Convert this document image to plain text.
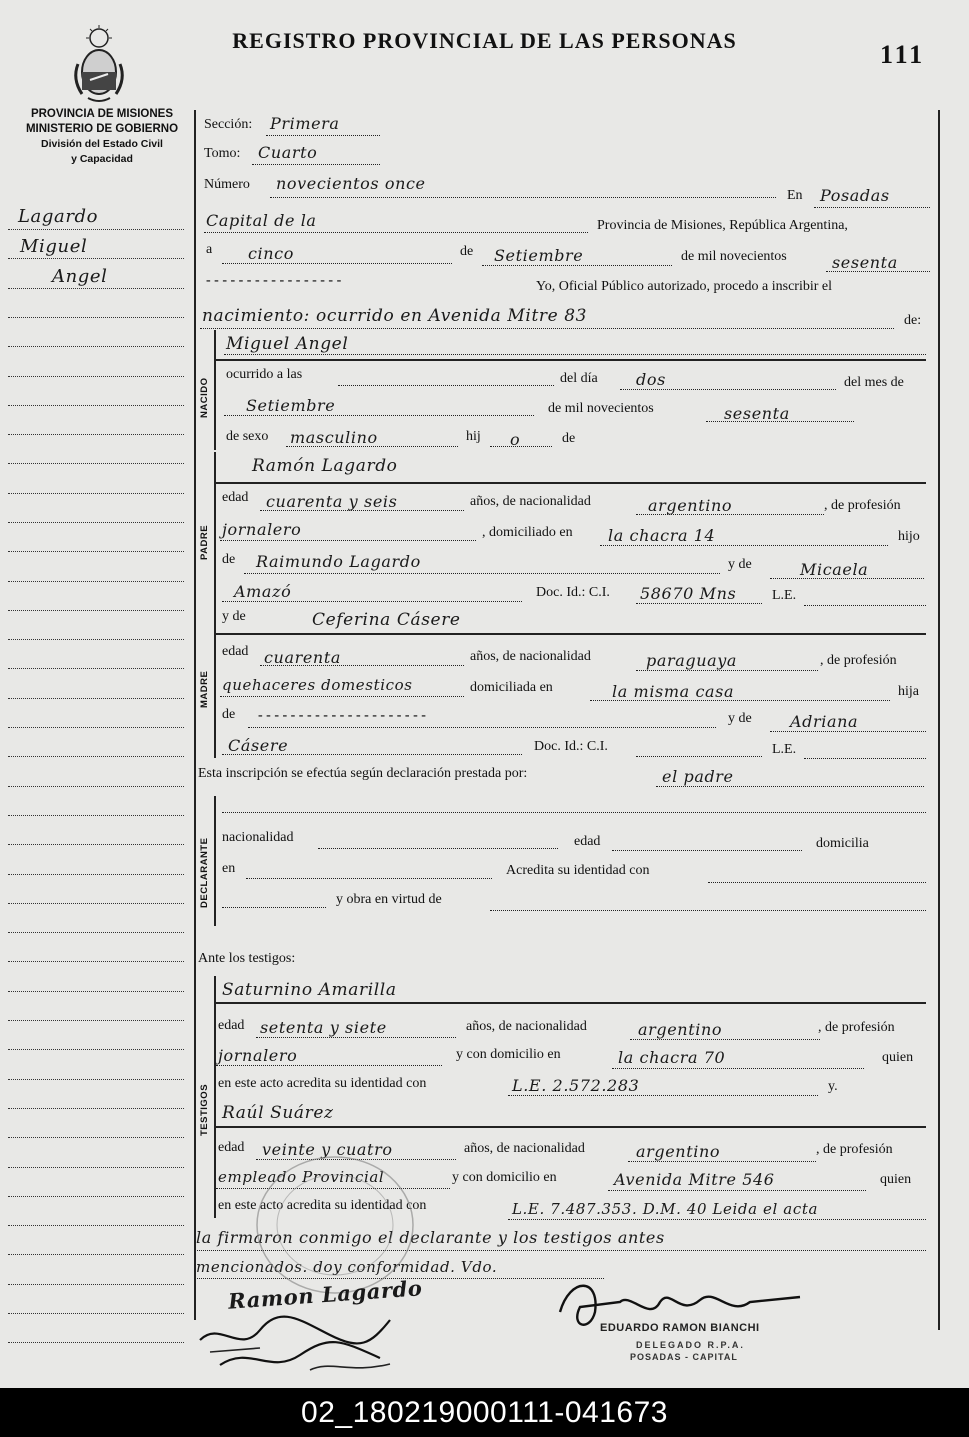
REGISTRO PROVINCIAL DE LAS PERSONAS	111
PROVINCIA DE MISIONES
MINISTERIO DE GOBIERNO
División del Estado Civil
y Capacidad
Lagardo
Miguel
Angel
Sección: Primera
Tomo: Cuarto
Número novecientos once
En Posadas
Capital de la	Provincia de Misiones, República Argentina,
a cinco	de Setiembre	de mil novecientos	sesenta
- - - - - - - - - - - - - - - - -	Yo, Oficial Público autorizado, procedo a inscribir el
nacimiento: ocurrido en Avenida Mitre 83	de:
NACIDO
Miguel Angel
ocurrido a las	del día dos	del mes de
Setiembre	de mil novecientos	sesenta
de sexo masculino	hij o	de
PADRE
Ramón Lagardo
edad cuarenta y seis	años, de nacionalidad	argentino	, de profesión
jornalero	, domiciliado en la chacra 14	hijo
de Raimundo Lagardo	y de	Micaela
Amazó	Doc. Id.: C.I. 58670 Mns	L.E.
MADRE
y de	Ceferina Cásere
edad cuarenta	años, de nacionalidad	paraguaya	, de profesión
quehaceres domesticos	domiciliada en	la misma casa	hija
de - - - - - - - - - - - - - - - - - - - - -	y de Adriana
Cásere	Doc. Id.: C.I.	L.E.
Esta inscripción se efectúa según declaración prestada por:	el padre
DECLARANTE
nacionalidad	edad	domicilia
en	Acredita su identidad con
y obra en virtud de
Ante los testigos:
TESTIGOS
Saturnino Amarilla
edad setenta y siete	años, de nacionalidad	argentino	, de profesión
jornalero	y con domicilio en	la chacra 70	quien
en este acto acredita su identidad con	L.E. 2.572.283	y.
Raúl Suárez
edad veinte y cuatro	años, de nacionalidad	argentino	, de profesión
empleado Provincial	y con domicilio en	Avenida Mitre 546	quien
en este acto acredita su identidad con	L.E. 7.487.353. D.M. 40 Leida el acta
la firmaron conmigo el declarante y los testigos antes
mencionados. doy conformidad. Vdo.
Ramon Lagardo
EDUARDO RAMON BIANCHI
DELEGADO R.P.A.
POSADAS - CAPITAL
02_180219000111-041673
